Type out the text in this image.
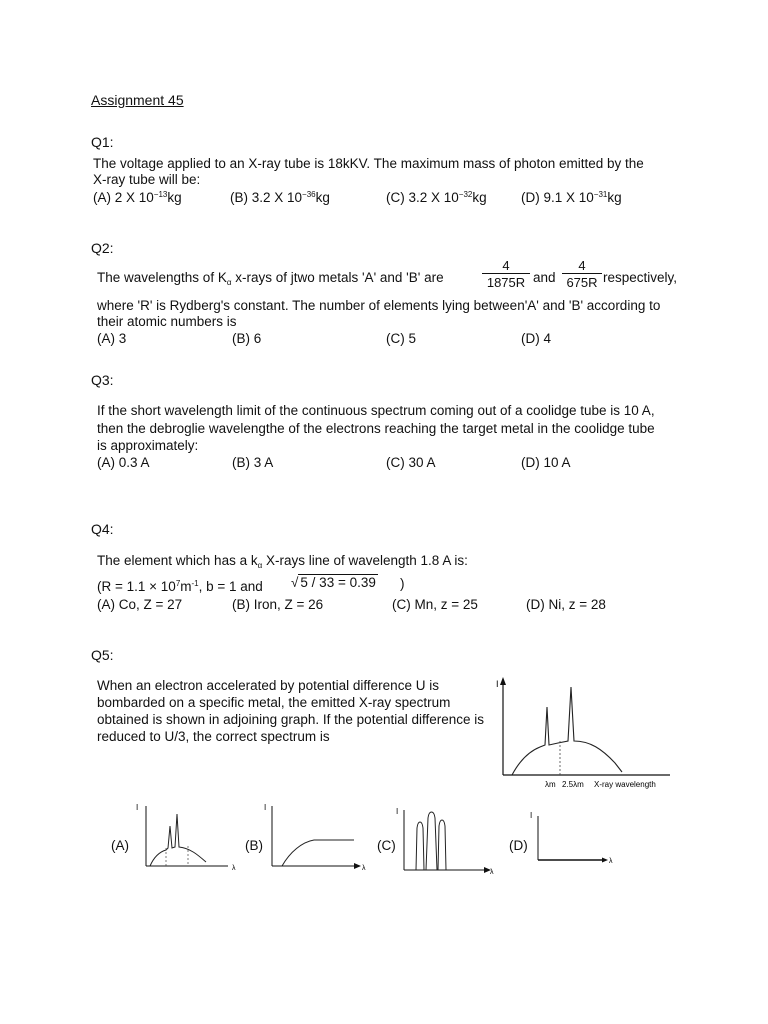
Assignment 45
Q1:
The voltage applied to an X-ray tube is 18kKV. The maximum mass of photon emitted by the
X-ray tube will be:
(A) 2 X $10^{-13}kg$	(B) 3.2 X $10^{-36}kg$	(C) 3.2 X $10^{-32}kg$	(D) 9.1 X $10^{-31}kg$
Q2:
The wavelengths of $K_\alpha$ x-rays of jtwo metals 'A' and 'B' are	$\frac{4}{1875R}$ and $\frac{4}{675R}$ respectively,
where 'R' is Rydberg's constant. The number of elements lying between'A' and 'B' according to
their atomic numbers is
(A) 3	(B) 6	(C) 5	(D) 4
Q3:
If the short wavelength limit of the continuous spectrum coming out of a coolidge tube is 10 A,
then the debroglie wavelengthe of the electrons reaching the target metal in the coolidge tube
is approximately:
(A) 0.3 A	(B) 3 A	(C) 30 A	(D) 10 A
Q4:
The element which has a $k_\alpha$ X-rays line of wavelength 1.8 A is:
($R = 1.1 \times 10^7m^{-1}$, b = 1 and √ 5 / 33 = 0.39 )
(A) Co, Z = 27	(B) Iron, Z = 26	(C) Mn, z = 25	(D) Ni, z = 28
Q5:
When an electron accelerated by potential difference U is
bombarded on a specific metal, the emitted X-ray spectrum
obtained is shown in adjoining graph. If the potential difference is
reduced to U/3, the correct spectrum is
I
λm 2.5λm X-ray wavelength
(A)
I
λ
(B)
I
λ
(C)
I
λ
(D)
I
λ
